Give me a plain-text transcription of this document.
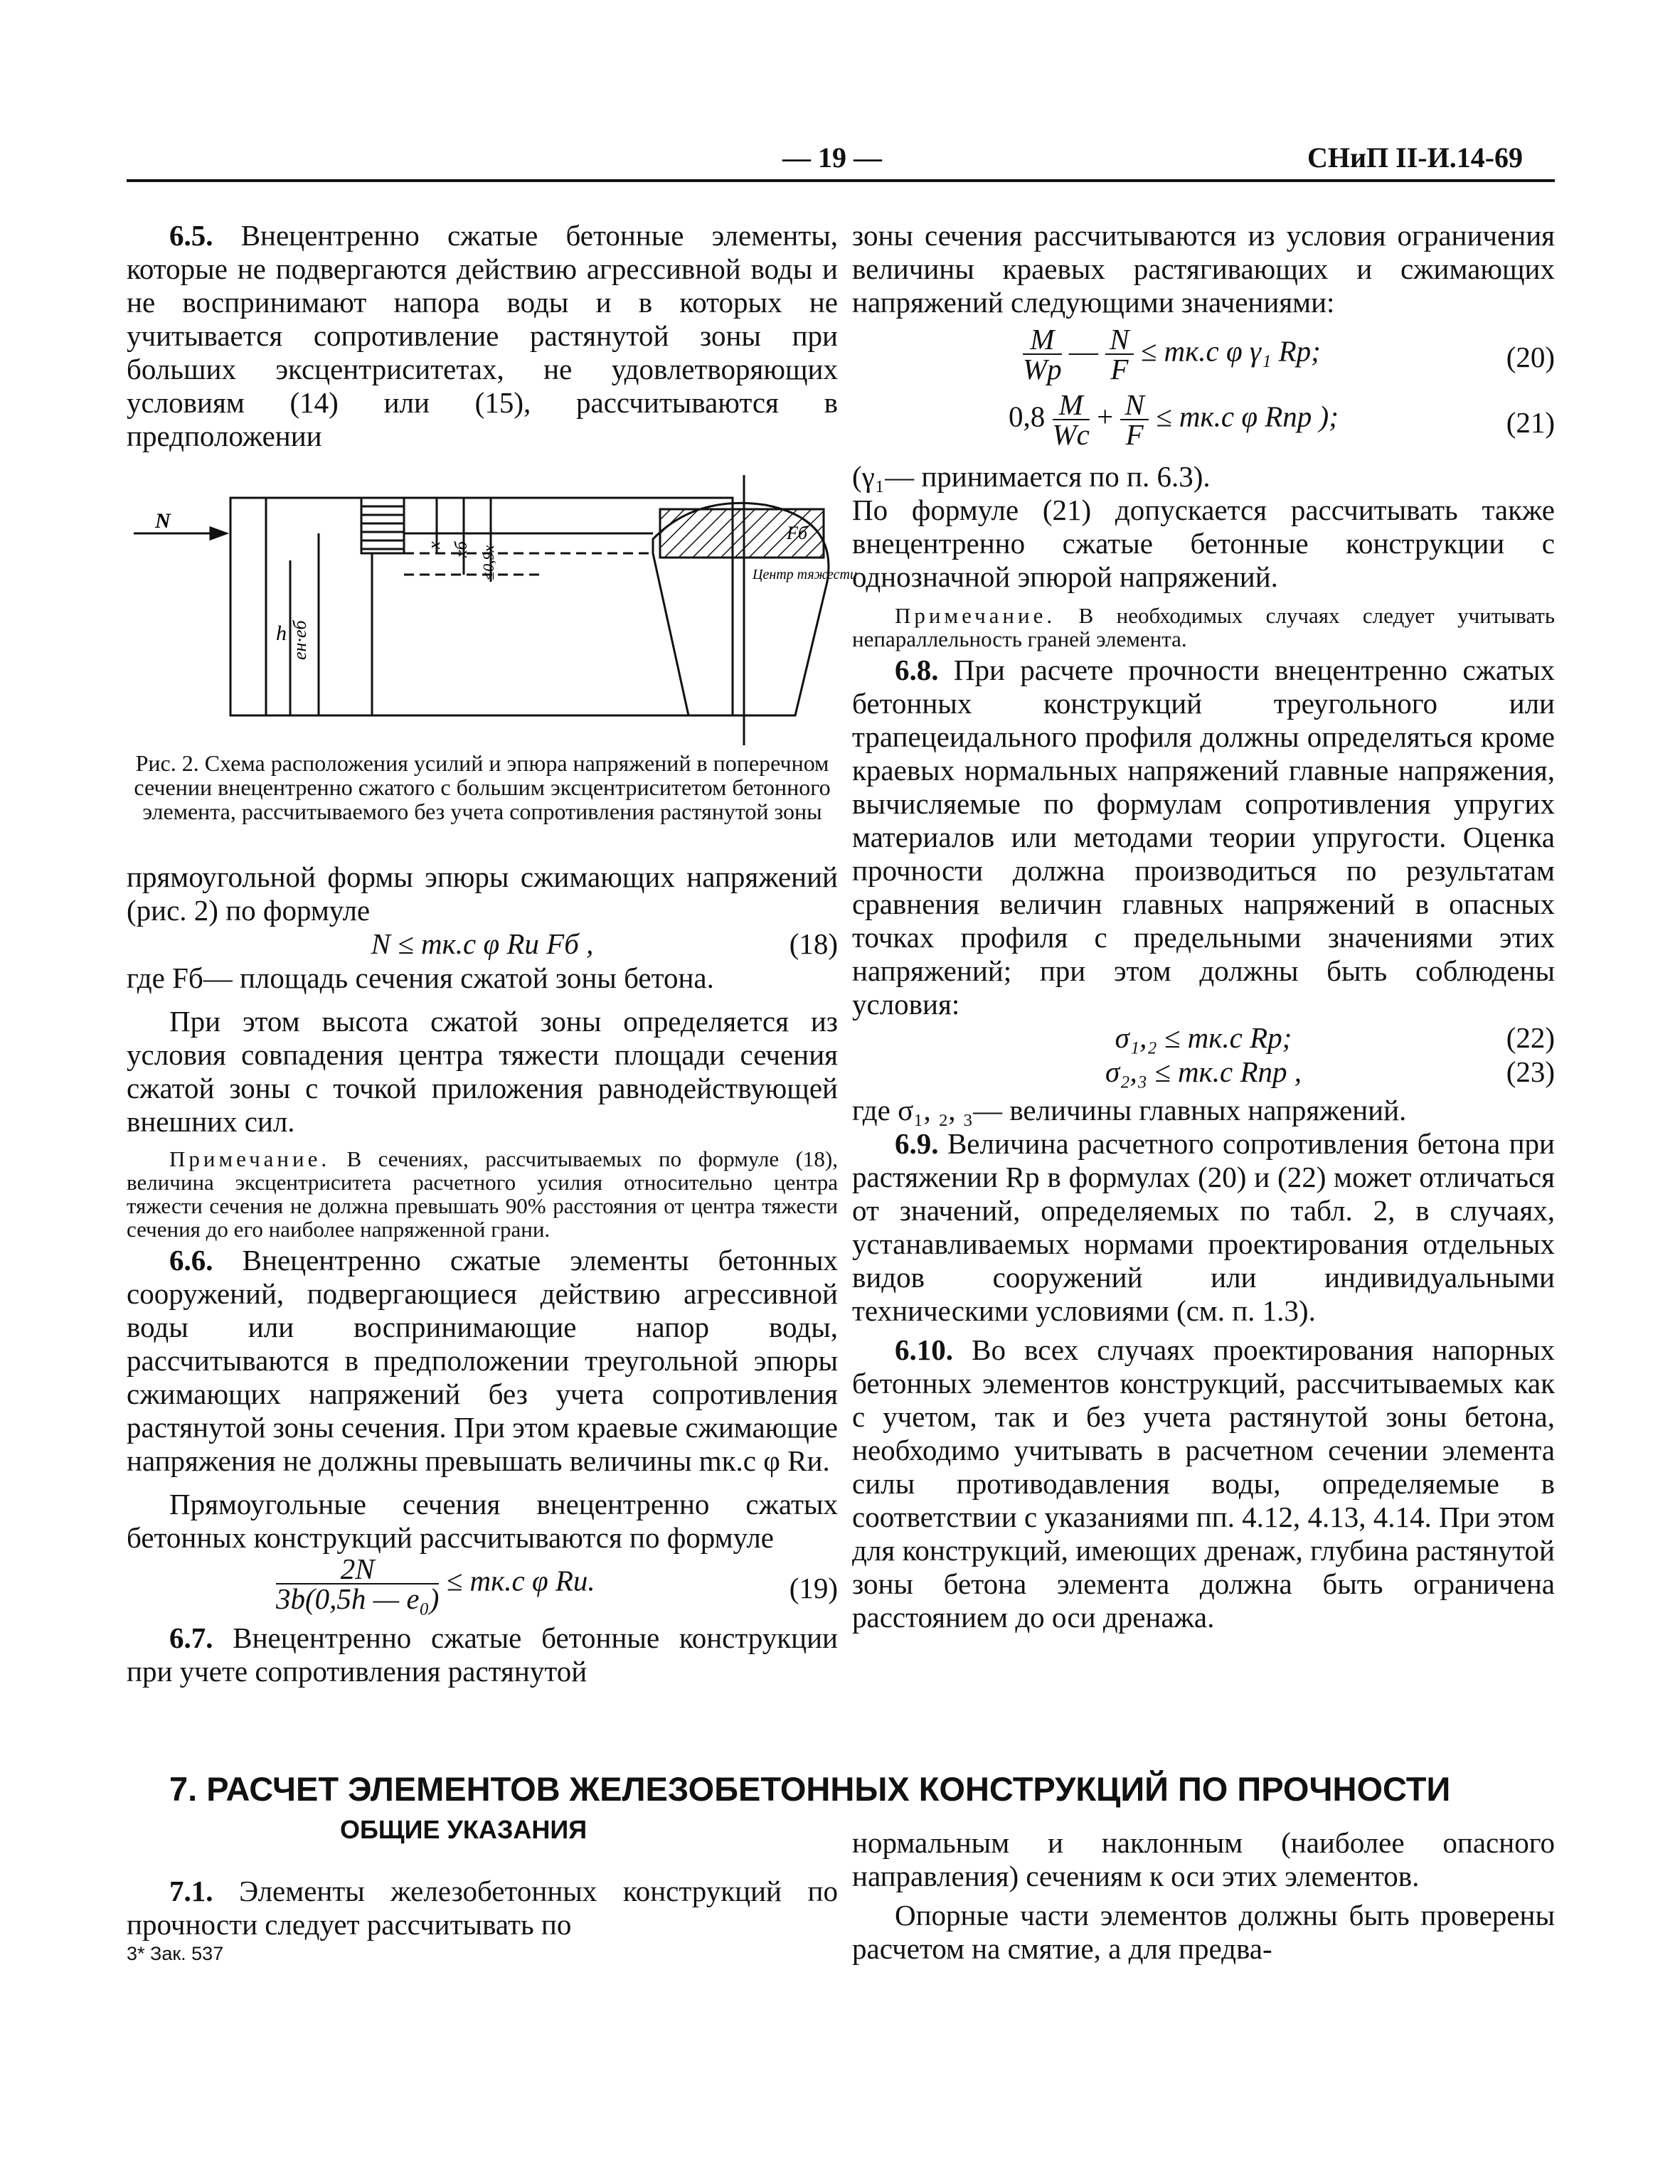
— 19 —	СНиП II-И.14-69

6.5. Внецентренно сжатые бетонные элементы, которые не подвергаются действию агрессивной воды и не воспринимают напора воды и в которых не учитывается сопротивление растянутой зоны при больших эксцентриситетах, не удовлетворяющих условиям (14) или (15), рассчитываются в предположении

N
h eн·eб
x xб ≤0,9x
Fб
Центр тяжести
Рис. 2. Схема расположения усилий и эпюра напряжений в поперечном сечении внецентренно сжатого с большим эксцентриситетом бетонного элемента, рассчитываемого без учета сопротивления растянутой зоны

прямоугольной формы эпюры сжимающих напряжений (рис. 2) по формуле

N ≤ mк.с φ Rи Fб ,	(18)

где Fб— площадь сечения сжатой зоны бетона.

При этом высота сжатой зоны определяется из условия совпадения центра тяжести площади сечения сжатой зоны с точкой приложения равнодействующей внешних сил.

Примечание. В сечениях, рассчитываемых по формуле (18), величина эксцентриситета расчетного усилия относительно центра тяжести сечения не должна превышать 90% расстояния от центра тяжести сечения до его наиболее напряженной грани.

6.6. Внецентренно сжатые элементы бетонных сооружений, подвергающиеся действию агрессивной воды или воспринимающие напор воды, рассчитываются в предположении треугольной эпюры сжимающих напряжений без учета сопротивления растянутой зоны сечения. При этом краевые сжимающие напряжения не должны превышать величины mк.с φ Rи.

Прямоугольные сечения внецентренно сжатых бетонных конструкций рассчитываются по формуле

$\frac{2N}{\text{3b(0,5h — e₀)}} \le mк.с$ φ Rи.	(19)

6.7. Внецентренно сжатые бетонные конструкции при учете сопротивления растянутой

зоны сечения рассчитываются из условия ограничения величины краевых растягивающих и сжимающих напряжений следующими значениями:

$\frac{M}{Wр}$ — $\frac{N}{F} \le mк.с$ φ γ₁ Rр;	(20)
$0,8 \frac{M}{Wс} + \frac{N}{F} \le mк.с$ φ Rпр );	(21)

(γ₁— принимается по п. 6.3).

По формуле (21) допускается рассчитывать также внецентренно сжатые бетонные конструкции с однозначной эпюрой напряжений.

Примечание. В необходимых случаях следует учитывать непараллельность граней элемента.

6.8. При расчете прочности внецентренно сжатых бетонных конструкций треугольного или трапецеидального профиля должны определяться кроме краевых нормальных напряжений главные напряжения, вычисляемые по формулам сопротивления упругих материалов или методами теории упругости. Оценка прочности должна производиться по результатам сравнения величин главных напряжений в опасных точках профиля с предельными значениями этих напряжений; при этом должны быть соблюдены условия:

σ₁,₂ ≤ mк.с Rр;	(22)
σ₂,₃ ≤ mк.с Rпр ,	(23)

где σ₁, ₂, ₃— величины главных напряжений.

6.9. Величина расчетного сопротивления бетона при растяжении Rр в формулах (20) и (22) может отличаться от значений, определяемых по табл. 2, в случаях, устанавливаемых нормами проектирования отдельных видов сооружений или индивидуальными техническими условиями (см. п. 1.3).

6.10. Во всех случаях проектирования напорных бетонных элементов конструкций, рассчитываемых как с учетом, так и без учета растянутой зоны бетона, необходимо учитывать в расчетном сечении элемента силы противодавления воды, определяемые в соответствии с указаниями пп. 4.12, 4.13, 4.14. При этом для конструкций, имеющих дренаж, глубина растянутой зоны бетона элемента должна быть ограничена расстоянием до оси дренажа.

7. РАСЧЕТ ЭЛЕМЕНТОВ ЖЕЛЕЗОБЕТОННЫХ КОНСТРУКЦИЙ ПО ПРОЧНОСТИ
ОБЩИЕ УКАЗАНИЯ

7.1. Элементы железобетонных конструкций по прочности следует рассчитывать по

нормальным и наклонным (наиболее опасного направления) сечениям к оси этих элементов.

Опорные части элементов должны быть проверены расчетом на смятие, а для предва-

3* Зак. 537
